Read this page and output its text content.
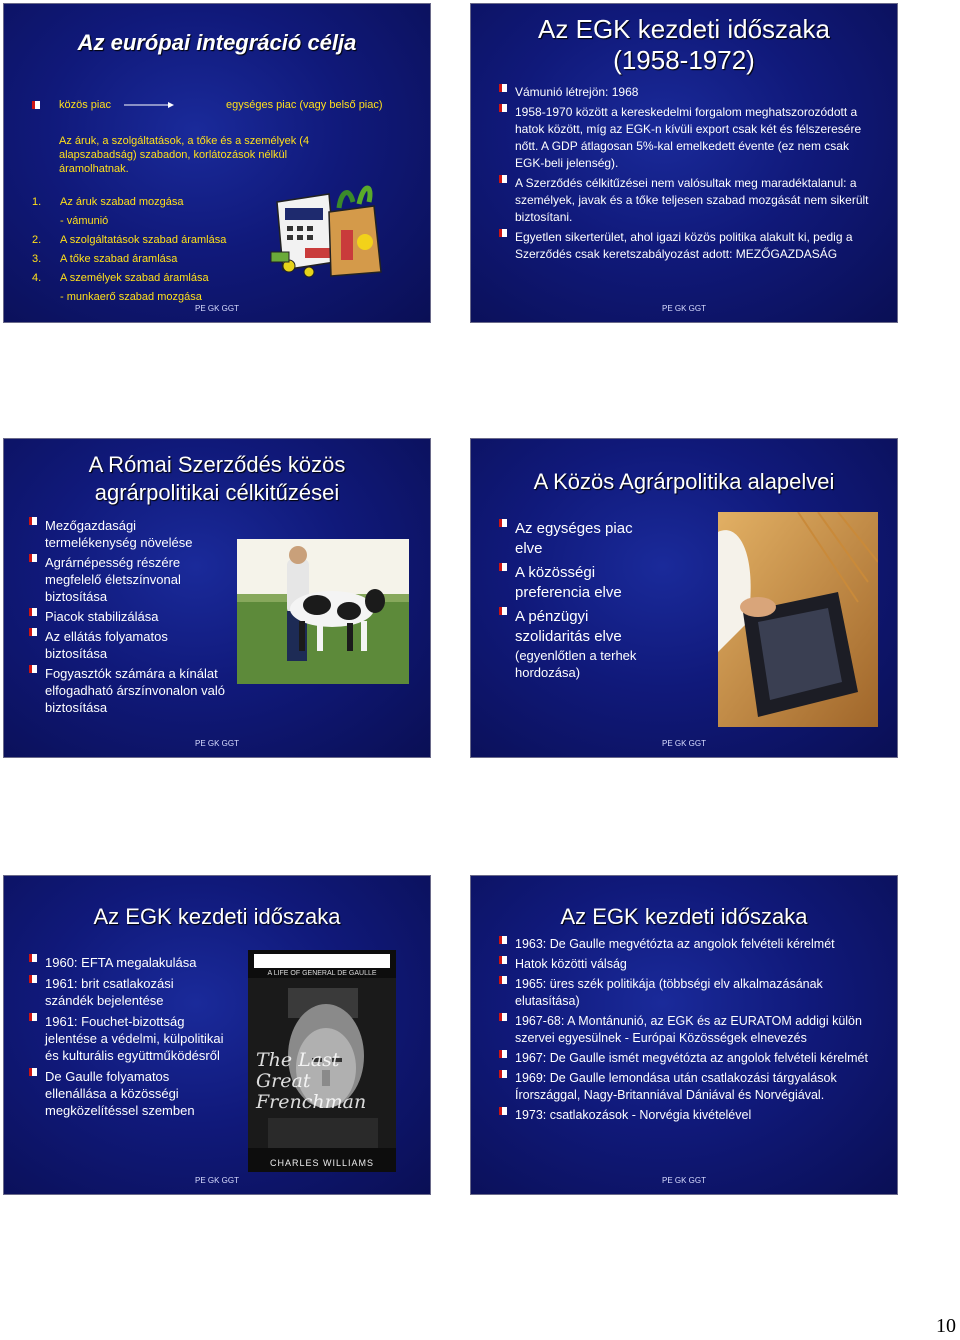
Az európai integráció célja
közös piac	egységes piac (vagy belső piac)
Az áruk, a szolgáltatások, a tőke és a személyek (4 alapszabadság) szabadon, korlátozások nélkül áramolhatnak.
1. Az áruk szabad mozgása
- vámunió
2. A szolgáltatások szabad áramlása
3. A tőke szabad áramlása
4. A személyek szabad áramlása
- munkaerő szabad mozgása
PE GK GGT
Az EGK kezdeti időszaka
(1958-1972)
Vámunió létrejön: 1968
1958-1970 között a kereskedelmi forgalom meghatszorozódott a hatok között, míg az EGK-n kívüli export csak két és félszeresére nőtt. A GDP átlagosan 5%-kal emelkedett évente (ez nem csak EGK-beli jelenség).
A Szerződés célkitűzései nem valósultak meg maradéktalanul: a személyek, javak és a tőke teljesen szabad mozgását nem sikerült biztosítani.
Egyetlen sikerterület, ahol igazi közös politika alakult ki, pedig a Szerződés csak keretszabályozást adott: MEZŐGAZDASÁG
PE GK GGT
A Római Szerződés közös
agrárpolitikai célkitűzései
Mezőgazdasági termelékenység növelése
Agrárnépesség részére megfelelő életszínvonal biztosítása
Piacok stabilizálása
Az ellátás folyamatos biztosítása
Fogyasztók számára a kínálat elfogadható árszínvonalon való biztosítása
PE GK GGT
A Közös Agrárpolitika alapelvei
Az egységes piac elve
A közösségi preferencia elve
A pénzügyi szolidaritás elve
(egyenlőtlen a terhek hordozása)
PE GK GGT
Az EGK kezdeti időszaka
1960: EFTA megalakulása
1961: brit csatlakozási szándék bejelentése
1961: Fouchet-bizottság jelentése a védelmi, külpolitikai és kulturális együttműködésről
De Gaulle folyamatos ellenállása a közösségi megközelítéssel szemben
A LIFE OF GENERAL DE GAULLE
The Last Great Frenchman
CHARLES WILLIAMS
PE GK GGT
Az EGK kezdeti időszaka
1963: De Gaulle megvétózta az angolok felvételi kérelmét
Hatok közötti válság
1965: üres szék politikája (többségi elv alkalmazásának elutasítása)
1967-68: A Montánunió, az EGK és az EURATOM addigi külön szervei egyesülnek - Európai Közösségek elnevezés
1967: De Gaulle ismét megvétózta az angolok felvételi kérelmét
1969: De Gaulle lemondása után csatlakozási tárgyalások Írországgal, Nagy-Britanniával Dániával és Norvégiával.
1973: csatlakozások - Norvégia kivételével
PE GK GGT
10
